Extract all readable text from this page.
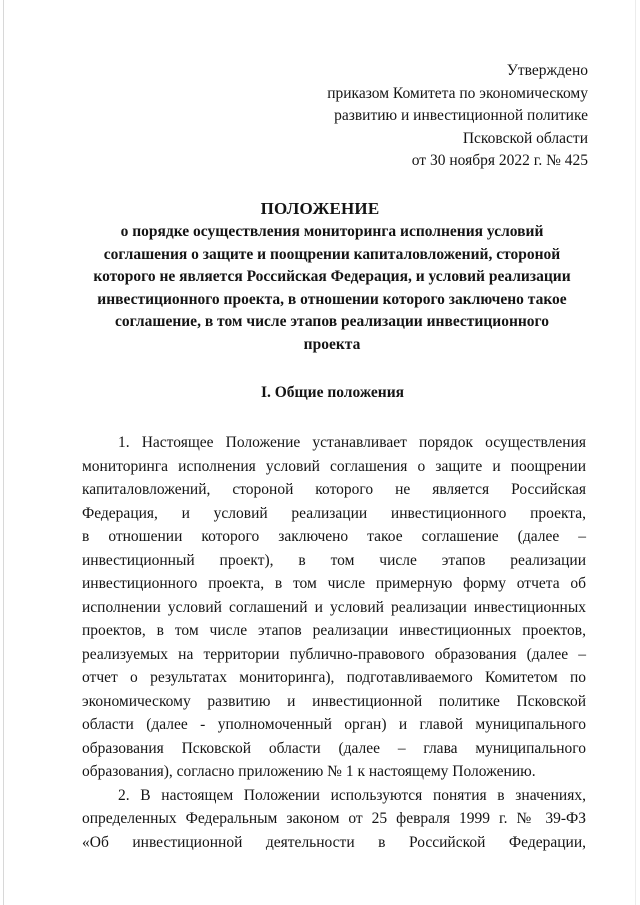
Утверждено
приказом Комитета по экономическому
развитию и инвестиционной политике
Псковской области
от 30 ноября 2022 г. № 425
ПОЛОЖЕНИЕ
о порядке осуществления мониторинга исполнения условий
соглашения о защите и поощрении капиталовложений, стороной
которого не является Российская Федерация, и условий реализации
инвестиционного проекта, в отношении которого заключено такое
соглашение, в том числе этапов реализации инвестиционного
проекта
I. Общие положения
1. Настоящее Положение устанавливает порядок осуществления
мониторинга исполнения условий соглашения о защите и поощрении
капиталовложений, стороной которого не является Российская
Федерация, и условий реализации инвестиционного проекта,
в отношении которого заключено такое соглашение (далее –
инвестиционный проект), в том числе этапов реализации
инвестиционного проекта, в том числе примерную форму отчета об
исполнении условий соглашений и условий реализации инвестиционных
проектов, в том числе этапов реализации инвестиционных проектов,
реализуемых на территории публично-правового образования (далее –
отчет о результатах мониторинга), подготавливаемого Комитетом по
экономическому развитию и инвестиционной политике Псковской
области (далее - уполномоченный орган) и главой муниципального
образования Псковской области (далее – глава муниципального
образования), согласно приложению № 1 к настоящему Положению.
2. В настоящем Положении используются понятия в значениях,
определенных Федеральным законом от 25 февраля 1999 г. № 39-ФЗ
«Об инвестиционной деятельности в Российской Федерации,
